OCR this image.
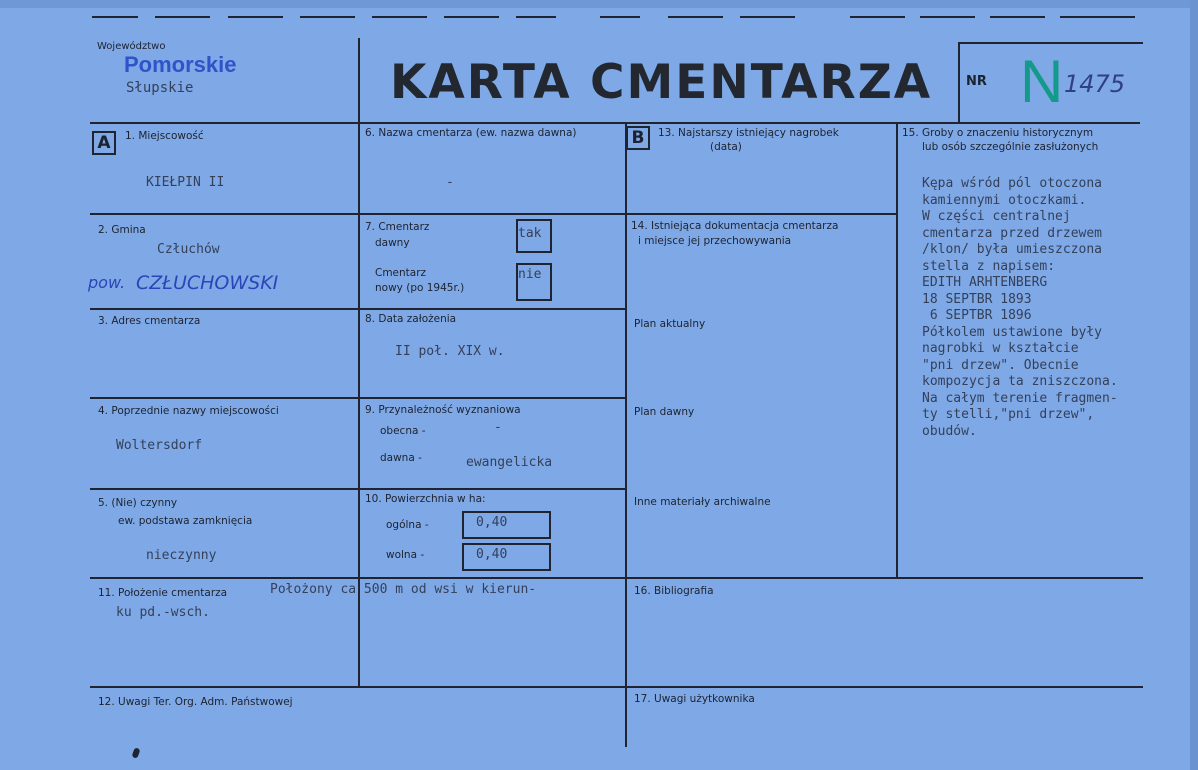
Województwo
Pomorskie
Słupskie	KARTA CMENTARZA	NR N 1475
A	B
1. Miejscowość
KIEŁPIN II
2. Gmina
Człuchów
pow. CZŁUCHOWSKI
3. Adres cmentarza
4. Poprzednie nazwy miejscowości
Woltersdorf
5. (Nie) czynny
ew. podstawa zamknięcia
nieczynny
6. Nazwa cmentarza (ew. nazwa dawna)
-
7. Cmentarz
dawny
tak
Cmentarz
nowy (po 1945r.)
nie
8. Data założenia
II poł. XIX w.
9. Przynależność wyznaniowa
obecna -	-
dawna -	ewangelicka
10. Powierzchnia w ha:
ogólna -	0,40
wolna -	0,40
11. Położenie cmentarza	Położony ca 500 m od wsi w kierun-
ku pd.-wsch.
12. Uwagi Ter. Org. Adm. Państwowej
13. Najstarszy istniejący nagrobek
(data)
14. Istniejąca dokumentacja cmentarza
i miejsce jej przechowywania
Plan aktualny
Plan dawny
Inne materiały archiwalne
15. Groby o znaczeniu historycznym
lub osób szczególnie zasłużonych
Kępa wśród pól otoczona
kamiennymi otoczkami.
W części centralnej
cmentarza przed drzewem
/klon/ była umieszczona
stella z napisem:
EDITH ARHTENBERG
18 SEPTBR 1893
6 SEPTBR 1896
Półkolem ustawione były
nagrobki w kształcie
"pni drzew". Obecnie
kompozycja ta zniszczona.
Na całym terenie fragmen-
ty stelli,"pni drzew",
obudów.
16. Bibliografia
17. Uwagi użytkownika
